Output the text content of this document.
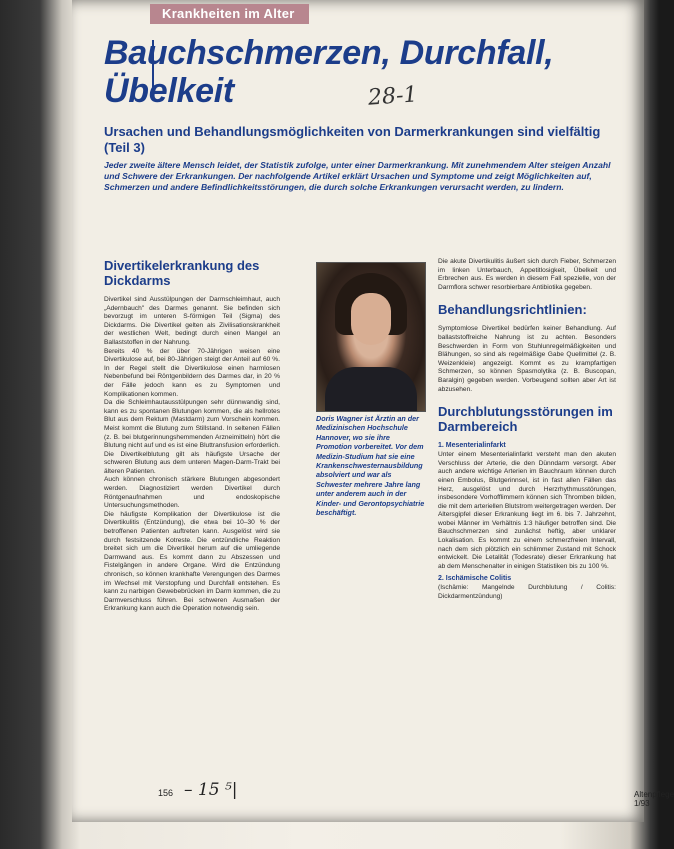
Krankheiten im Alter
Bauchschmerzen, Durchfall,
Übelkeit	28-1
Ursachen und Behandlungsmöglichkeiten von Darmerkrankungen sind vielfältig (Teil 3)
Jeder zweite ältere Mensch leidet, der Statistik zufolge, unter einer Darmerkrankung. Mit zunehmendem Alter steigen Anzahl und Schwere der Erkrankungen. Der nachfolgende Artikel erklärt Ursachen und Symptome und zeigt Möglichkeiten auf, Schmerzen und andere Befindlichkeitsstörungen, die durch solche Erkrankungen verursacht werden, zu lindern.
Divertikelerkrankung des Dickdarms

Divertikel sind Ausstülpungen der Darmschleimhaut, auch „Adernbauch" des Darmes genannt. Sie befinden sich bevorzugt im unteren S-förmigen Teil (Sigma) des Dickdarms. Die Divertikel gelten als Zivilisationskrankheit der westlichen Welt, bedingt durch einen Mangel an Ballaststoffen in der Nahrung.

Bereits 40 % der über 70-Jährigen weisen eine Divertikulose auf, bei 80-Jährigen steigt der Anteil auf 60 %. In der Regel stellt die Divertikulose einen harmlosen Nebenbefund bei Röntgenbildern des Darmes dar, in 20 % der Fälle jedoch kann es zu Symptomen und Komplikationen kommen.

Da die Schleimhautausstülpungen sehr dünnwandig sind, kann es zu spontanen Blutungen kommen, die als hellrotes Blut aus dem Rektum (Mastdarm) zum Vorschein kommen. Meist kommt die Blutung zum Stillstand. In seltenen Fällen (z. B. bei blutgerinnungshemmenden Arzneimitteln) hört die Blutung nicht auf und es ist eine Bluttransfusion erforderlich. Die Divertikelblutung gilt als häufigste Ursache der schweren Blutung aus dem unteren Magen-Darm-Trakt bei älteren Patienten.

Auch können chronisch stärkere Blutungen abgesondert werden. Diagnostiziert werden Divertikel durch Röntgenaufnahmen und endoskopische Untersuchungsmethoden.

Die häufigste Komplikation der Divertikulose ist die Divertikulitis (Entzündung), die etwa bei 10–30 % der betroffenen Patienten auftreten kann. Ausgelöst wird sie durch festsitzende Kotreste. Die entzündliche Reaktion breitet sich um die Divertikel herum auf die umliegende Darmwand aus. Es kommt dann zu Abszessen und Fistelgängen in andere Organe. Wird die Entzündung chronisch, so können krankhafte Verengungen des Darmes im Wechsel mit Verstopfung und Durchfall entstehen. Es kann zu narbigen Gewebebrücken im Darm kommen, die zu Darmverschluss führen. Bei schweren Ausmaßen der Erkrankung kann auch die Operation notwendig sein.

Doris Wagner ist Ärztin an der Medizinischen Hochschule Hannover, wo sie ihre Promotion vorbereitet. Vor dem Medizin-Studium hat sie eine Krankenschwesternausbildung absolviert und war als Schwester mehrere Jahre lang unter anderem auch in der Kinder- und Gerontopsychiatrie beschäftigt.

Die akute Divertikulitis äußert sich durch Fieber, Schmerzen im linken Unterbauch, Appetitlosigkeit, Übelkeit und Erbrechen aus. Es werden in diesem Fall spezielle, von der Darmflora schwer resorbierbare Antibiotika gegeben.

Behandlungsrichtlinien:

Symptomlose Divertikel bedürfen keiner Behandlung. Auf ballaststoffreiche Nahrung ist zu achten. Besonders Beschwerden in Form von Stuhlunregelmäßigkeiten und Blähungen, so sind als regelmäßige Gabe Quellmittel (z. B. Weizenkleie) angezeigt. Kommt es zu krampfartigen Schmerzen, so können Spasmolytika (z. B. Buscopan, Baralgin) gegeben werden. Vorbeugend sollten aber Art ist abzusehen.

Durchblutungsstörungen im Darmbereich
1. Mesenterialinfarkt

Unter einem Mesenterialinfarkt versteht man den akuten Verschluss der Arterie, die den Dünndarm versorgt. Aber auch andere wichtige Arterien im Bauchraum können durch einen Embolus, Blutgerinnsel, ist in fast allen Fällen das Herz, ausgelöst und durch Herzrhythmusstörungen, insbesondere Vorhofflimmern können sich Thromben bilden, die mit dem arteriellen Blutstrom weitergetragen werden. Der Altersgipfel dieser Erkrankung liegt im 6. bis 7. Jahrzehnt, wobei Männer im Verhältnis 1:3 häufiger betroffen sind. Die Bauchschmerzen sind zunächst heftig, aber unklarer Lokalisation. Es kommt zu einem schmerzfreien Intervall, nach dem sich plötzlich ein schlimmer Zustand mit Schock entwickelt. Die Letalität (Todesrate) dieser Erkrankung hat ab dem Menschenalter in einigen Statistiken bis zu 100 %.

2. Ischämische Colitis

(Ischämie: Mangelnde Durchblutung / Colitis: Dickdarmentzündung)

156 – 15 ⁵|	Altenpflege 1/93
